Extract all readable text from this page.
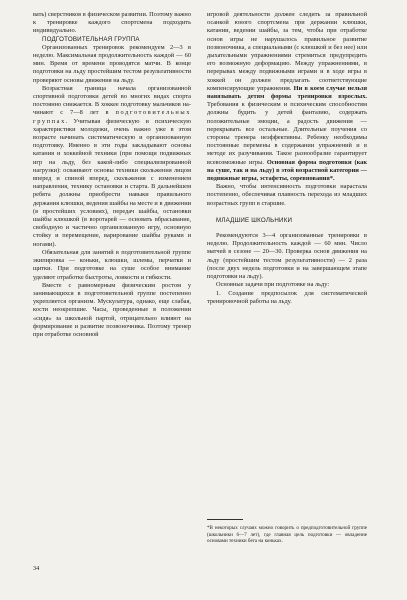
вать) сверстников в физическом развитии. Поэтому важно к тренировке каждого спортсмена подходить индивидуально.

ПОДГОТОВИТЕЛЬНАЯ ГРУППА

Организованных тренировок рекомендуем 2—3 в неделю. Максимальная продолжительность каждой — 60 мин. Время от времени проводятся матчи. В конце подготовки на льду простейшим тестом результативности проверяют основы движения на льду.

Возрастная граница начала организованной спортивной подготовки детей во многих видах спорта постоянно снижается. В хоккее подготовку мальчиков начинают с 7—8 лет в подготовительных группах. Учитывая физическую и психическую характеристики молодежи, очень важно уже в этом возрасте начинать систематическую и организованную подготовку. Именно в эти годы закладывают основы катания и хоккейной техники (при помощи подвижных игр на льду, без какой-либо специализированной нагрузки): осваивают основы техники скольжения лицом вперед и спиной вперед, скольжения с изменением направления, технику остановки и старта. В дальнейшем ребята должны приобрести навыки правильного держания клюшки, ведения шайбы на месте и в движении (в простейших условиях), передач шайбы, остановки шайбы клюшкой (в воротарей — основать вбрасывание, свободную и частично организованную игру, основную стойку и перемещение, варирование шайбы руками и ногами).

Обязательная для занятий в подготовительной группе экипировка — коньки, клюшки, шлемы, перчатки и щитки. При подготовке на суше особое внимание уделяют отработке быстроты, ловкости и гибкости.

Вместе с равномерным физическим ростом у занимающихся в подготовительной группе постепенно укрепляется организм. Мускулатура, однако, еще слабая, кости неокрепшие. Часы, проведенные в положении «сидя» за школьной партой, отрицательно влияют на формирование и развитие позвоночника. Позтому тренер при отработке основной

игровой деятельности должен следить за правильной осанкой юного спортсмена при держании клюшки, катании, ведении шайбы, за тем, чтобы при отработке основ игры не нарушалось правильное развитие позвоночника, а специальными (с клюшкой и без нее) или дыхательными упражнениями стремиться предупредить его возможную деформацию. Между упражнениями, в перерывах между подвижными играми и в ходе игры в хоккей он должен предлагать соответствующие компенсирующие упражнения. Ни в коем случае нельзя навязывать детям формы тренировки взрослых. Требования к физическим и психическим способностям должны будить у детей фантазию, содержать положительные эмоции, а радость движения — перекрывать все остальные. Длительные поучения со стороны тренера неэффективны. Ребенку необходимы постоянные перемены в содержании упражнений и в методе их разучивания. Такое разнообразие гарантирует всевозможные игры. Основная форма подготовки (как на суше, так и на льду) в этой возрастной категории — подвижные игры, эстафеты, соревнования*.

Важно, чтобы интенсивность подготовки нарастала постепенно, обеспечивая плавность перехода из младших возрастных групп в старшие.

МЛАДШИЕ ШКОЛЬНИКИ

Рекомендуются 3—4 организованные тренировки в неделю. Продолжительность каждой — 60 мин. Число матчей в сезоне — 20—30. Проверка основ движения на льду (простейшим тестом результативности) — 2 раза (после двух недель подготовки и на завершающем этапе подготовки на льду).

Основные задачи при подготовке на льду:

1. Создание предпосылок для систематической тренировочной работы на льду.

*В некоторых случаях можно говорить о предподготовительной группе (школьники 6—7 лет), где главная цель подготовки — овладение основами техники бега на коньках.
34
